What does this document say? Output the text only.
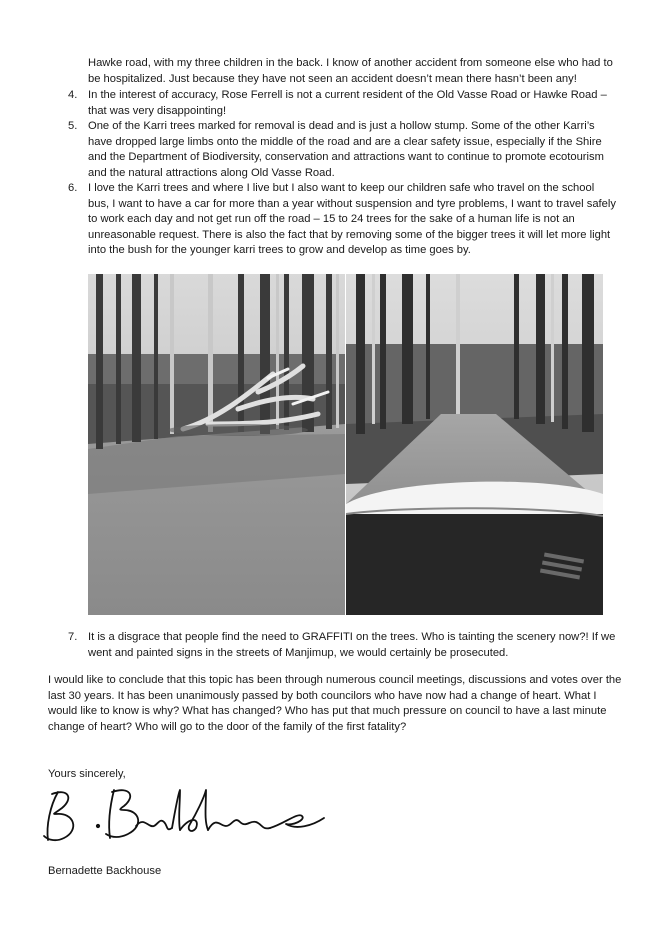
Hawke road, with my three children in the back. I know of another accident from someone else who had to be hospitalized. Just because they have not seen an accident doesn’t mean there hasn’t been any!

4. In the interest of accuracy, Rose Ferrell is not a current resident of the Old Vasse Road or Hawke Road – that was very disappointing!

5. One of the Karri trees marked for removal is dead and is just a hollow stump. Some of the other Karri’s have dropped large limbs onto the middle of the road and are a clear safety issue, especially if the Shire and the Department of Biodiversity, conservation and attractions want to continue to promote ecotourism and the natural attractions along Old Vasse Road.

6. I love the Karri trees and where I live but I also want to keep our children safe who travel on the school bus, I want to have a car for more than a year without suspension and tyre problems, I want to travel safely to work each day and not get run off the road – 15 to 24 trees for the sake of a human life is not an unreasonable request. There is also the fact that by removing some of the bigger trees it will let more light into the bush for the younger karri trees to grow and develop as time goes by.

7. It is a disgrace that people find the need to GRAFFITI on the trees. Who is tainting the scenery now?! If we went and painted signs in the streets of Manjimup, we would certainly be prosecuted.

I would like to conclude that this topic has been through numerous council meetings, discussions and votes over the last 30 years. It has been unanimously passed by both councilors who have now had a change of heart. What I would like to know is why? What has changed? Who has put that much pressure on council to have a last minute change of heart? Who will go to the door of the family of the first fatality?

Yours sincerely,

Bernadette Backhouse
